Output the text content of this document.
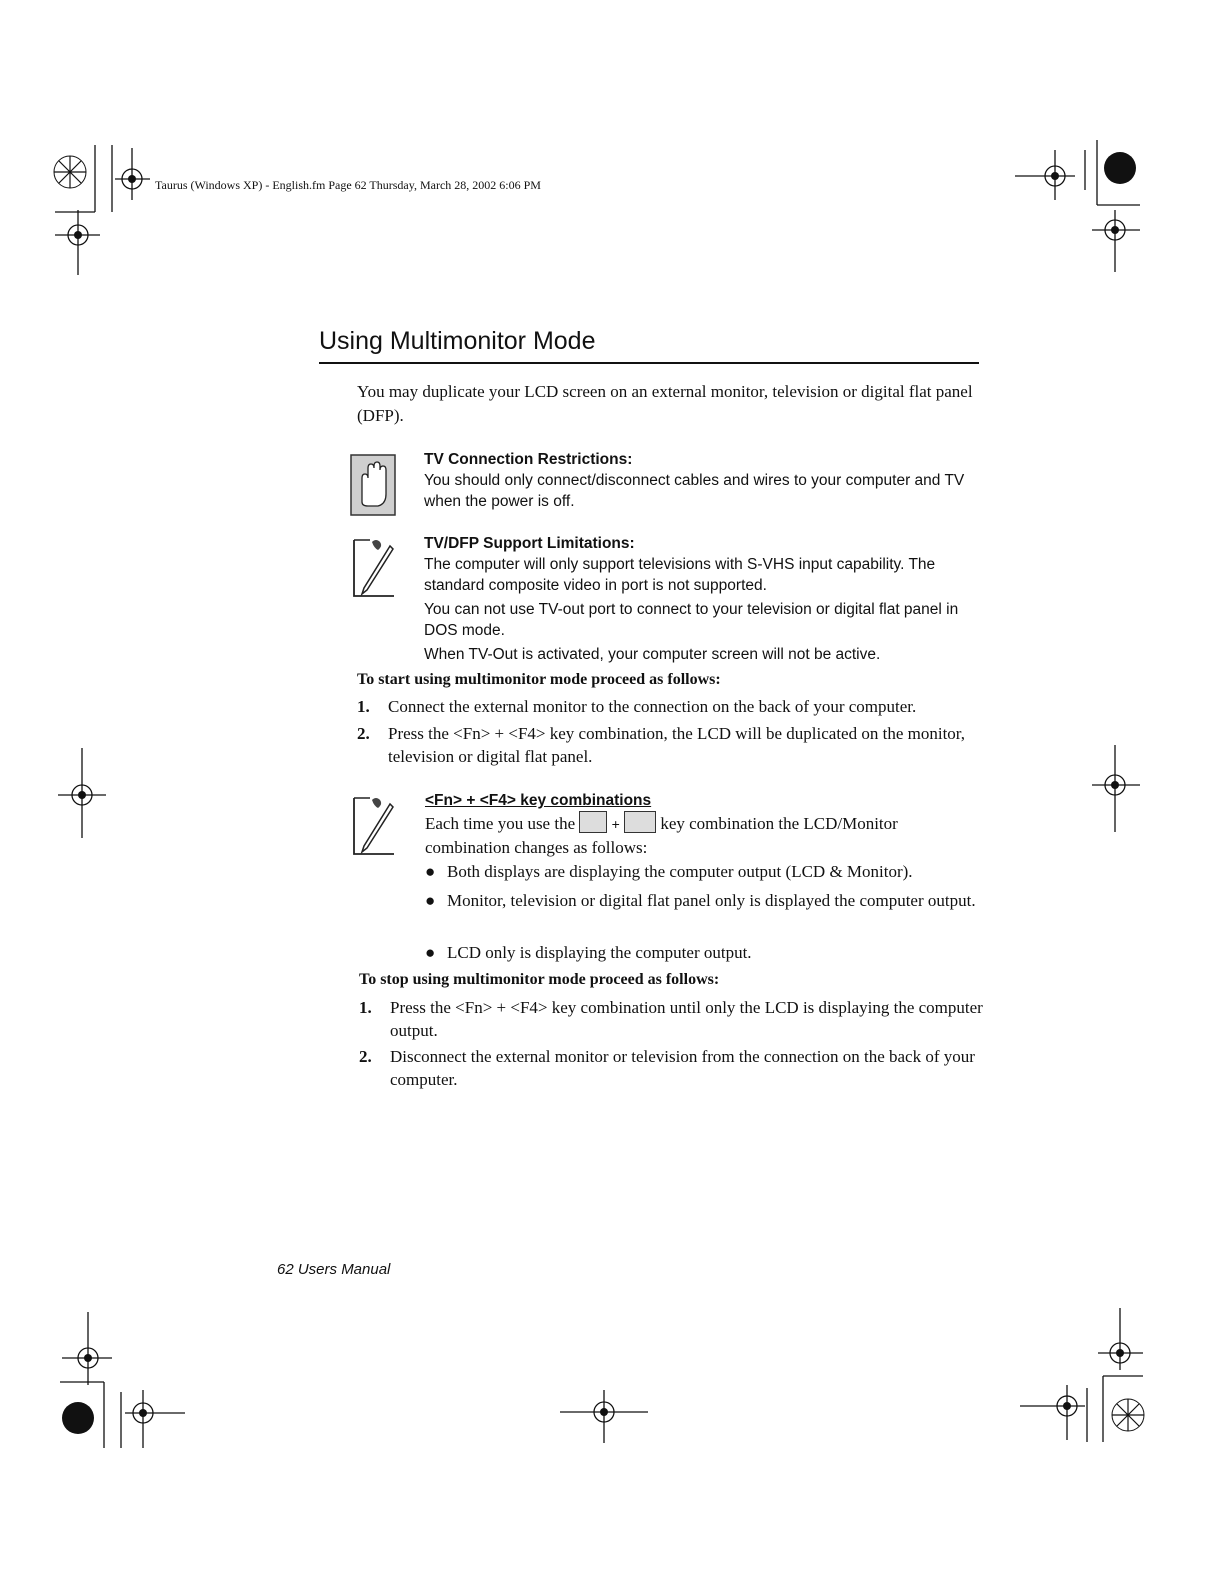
Taurus (Windows XP) - English.fm Page 62 Thursday, March 28, 2002 6:06 PM
Using Multimonitor Mode

You may duplicate your LCD screen on an external monitor, television or digital flat panel (DFP).

TV Connection Restrictions:

You should only connect/disconnect cables and wires to your computer and TV when the power is off.

TV/DFP Support Limitations:

The computer will only support televisions with S-VHS input capability. The standard composite video in port is not supported.

You can not use TV-out port to connect to your television or digital flat panel in DOS mode.

When TV-Out is activated, your computer screen will not be active.

To start using multimonitor mode proceed as follows:
1. Connect the external monitor to the connection on the back of your computer.
2. Press the <Fn> + <F4> key combination, the LCD will be duplicated on the monitor, television or digital flat panel.
<Fn> + <F4> key combinations
Each time you use the	+ key combination the LCD/Monitor combination changes as follows:
● Both displays are displaying the computer output (LCD & Monitor).
● Monitor, television or digital flat panel only is displayed the computer output.
● LCD only is displaying the computer output.
To stop using multimonitor mode proceed as follows:
1. Press the <Fn> + <F4> key combination until only the LCD is displaying the computer output.
2. Disconnect the external monitor or television from the connection on the back of your computer.
62 Users Manual
